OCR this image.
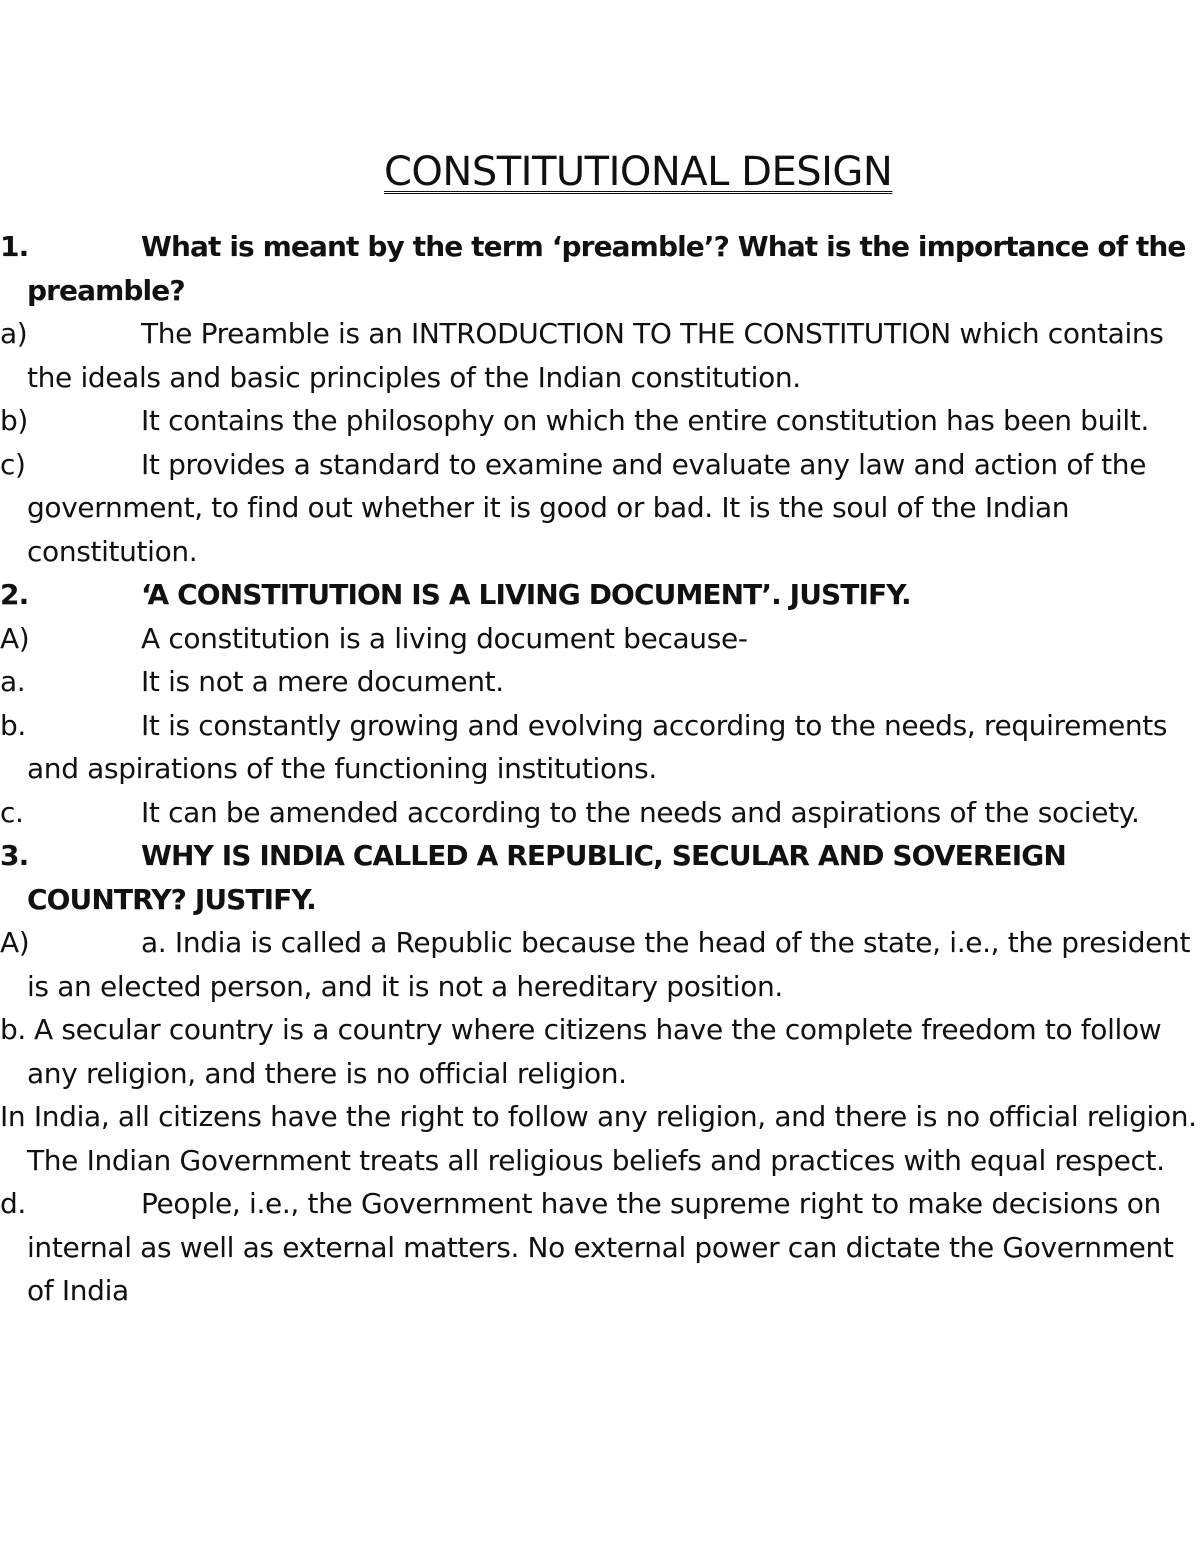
CONSTITUTIONAL DESIGN
1.	What is meant by the term ‘preamble’? What is the importance of the preamble?
a)	The Preamble is an INTRODUCTION TO THE CONSTITUTION which contains the ideals and basic principles of the Indian constitution.
b)	It contains the philosophy on which the entire constitution has been built.
c)	It provides a standard to examine and evaluate any law and action of the government, to find out whether it is good or bad. It is the soul of the Indian constitution.
2.	‘A CONSTITUTION IS A LIVING DOCUMENT’. JUSTIFY.
A)	A constitution is a living document because-
a.	It is not a mere document.
b.	It is constantly growing and evolving according to the needs, requirements and aspirations of the functioning institutions.
c.	It can be amended according to the needs and aspirations of the society.
3.	WHY IS INDIA CALLED A REPUBLIC, SECULAR AND SOVEREIGN COUNTRY? JUSTIFY.
A)	a. India is called a Republic because the head of the state, i.e., the president is an elected person, and it is not a hereditary position.
b. A secular country is a country where citizens have the complete freedom to follow any religion, and there is no official religion.
In India, all citizens have the right to follow any religion, and there is no official religion. The Indian Government treats all religious beliefs and practices with equal respect.
d.	People, i.e., the Government have the supreme right to make decisions on internal as well as external matters. No external power can dictate the Government of India
